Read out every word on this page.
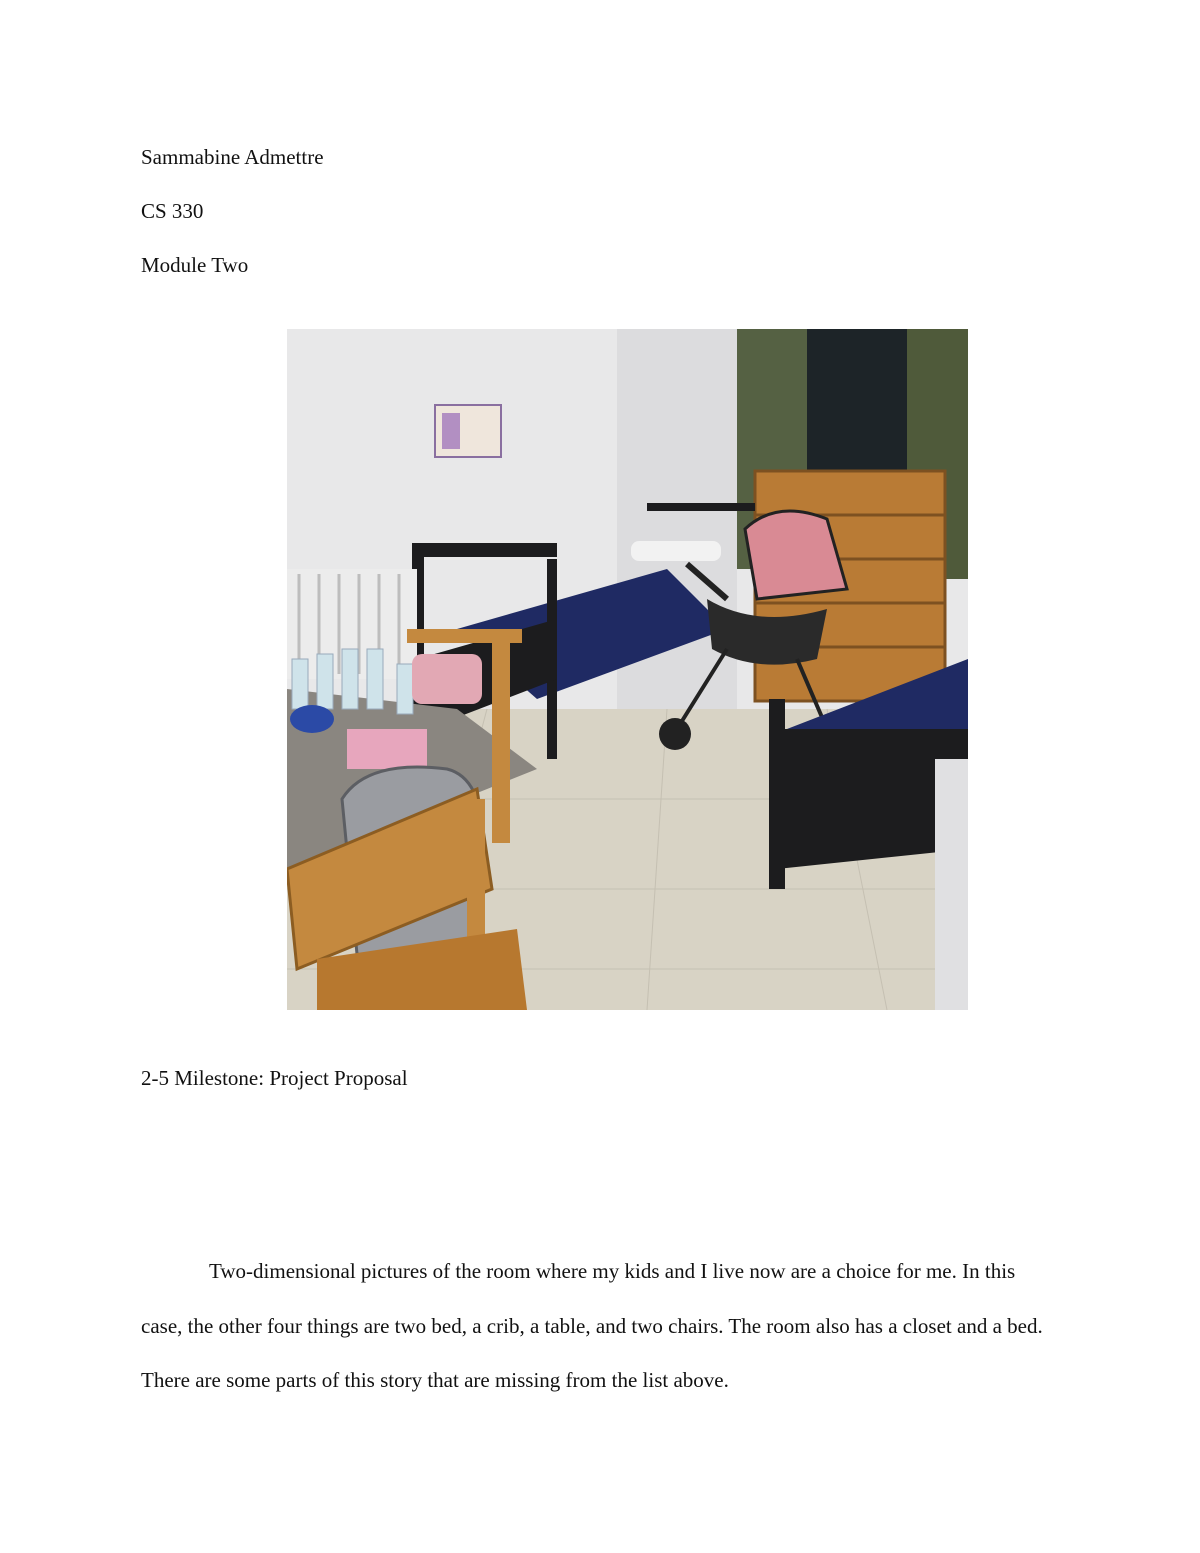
Sammabine Admettre
CS 330
Module Two
2-5 Milestone: Project Proposal

Two-dimensional pictures of the room where my kids and I live now are a choice for me. In this case, the other four things are two bed, a crib, a table, and two chairs. The room also has a closet and a bed. There are some parts of this story that are missing from the list above.
